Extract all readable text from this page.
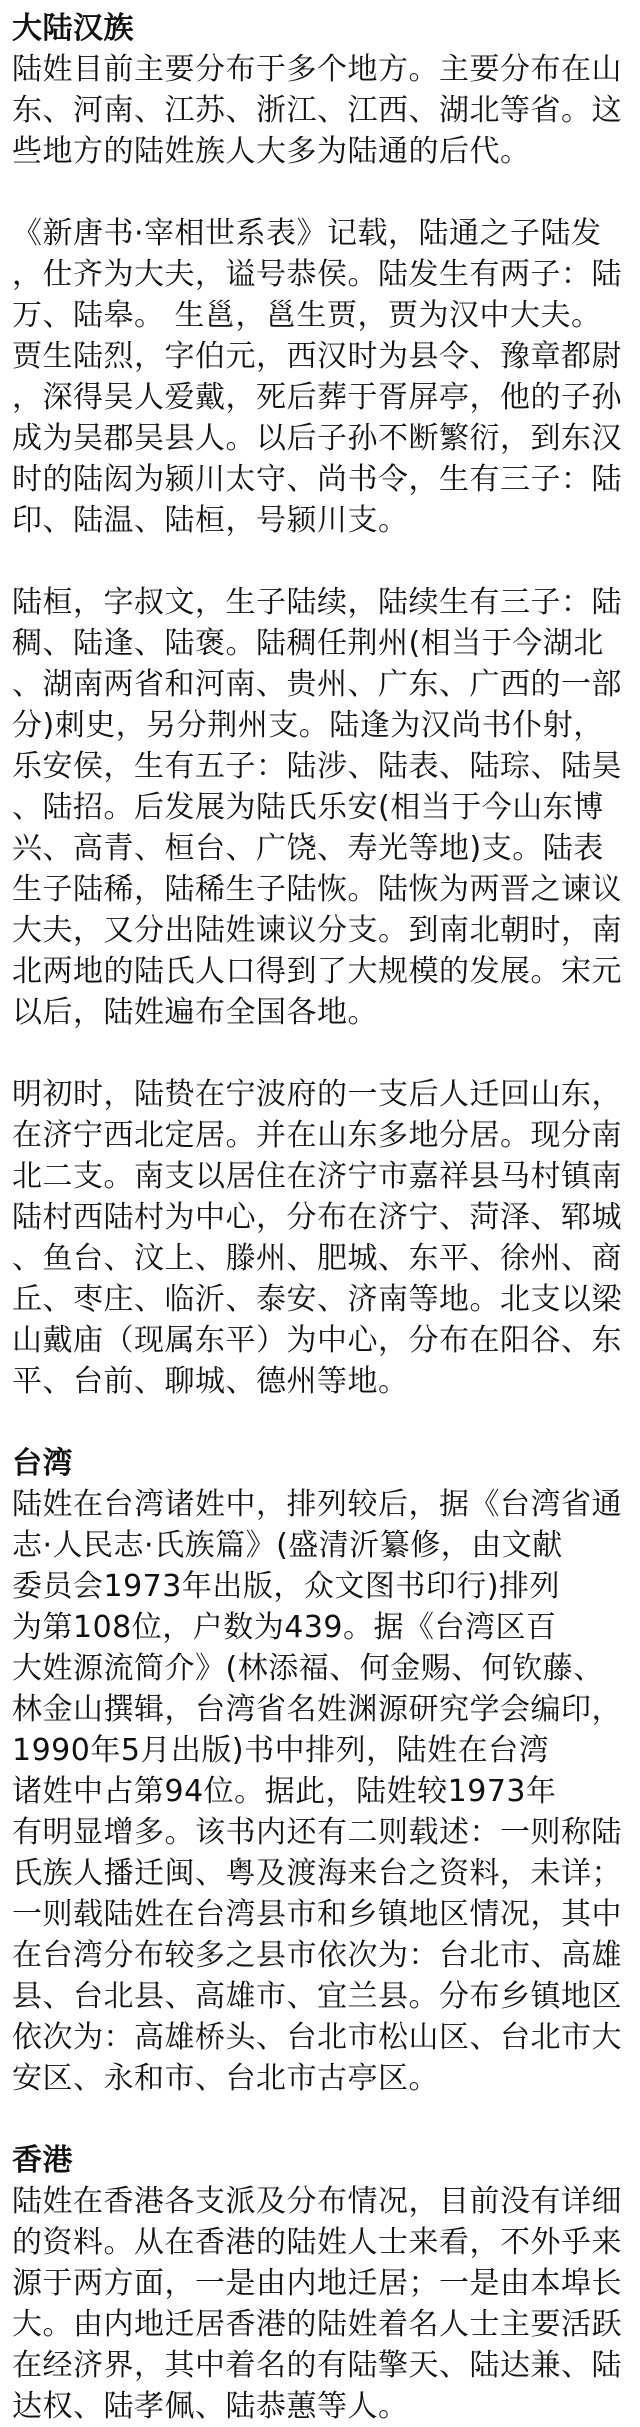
大陆汉族
陆姓目前主要分布于多个地方。主要分布在山
东、河南、江苏、浙江、江西、湖北等省。这
些地方的陆姓族人大多为陆通的后代。
《新唐书·宰相世系表》记载，陆通之子陆发
，仕齐为大夫，谥号恭侯。陆发生有两子：陆
万、陆皋。 生邕，邕生贾，贾为汉中大夫。
贾生陆烈，字伯元，西汉时为县令、豫章都尉
，深得吴人爱戴，死后葬于胥屏亭，他的子孙
成为吴郡吴县人。以后子孙不断繁衍，到东汉
时的陆闳为颍川太守、尚书令，生有三子：陆
印、陆温、陆桓，号颍川支。
陆桓，字叔文，生子陆续，陆续生有三子：陆
稠、陆逢、陆褒。陆稠任荆州(相当于今湖北
、湖南两省和河南、贵州、广东、广西的一部
分)刺史，另分荆州支。陆逢为汉尚书仆射，
乐安侯，生有五子：陆涉、陆表、陆琮、陆昊
、陆招。后发展为陆氏乐安(相当于今山东博
兴、高青、桓台、广饶、寿光等地)支。陆表
生子陆稀，陆稀生子陆恢。陆恢为两晋之谏议
大夫，又分出陆姓谏议分支。到南北朝时，南
北两地的陆氏人口得到了大规模的发展。宋元
以后，陆姓遍布全国各地。
明初时，陆贽在宁波府的一支后人迁回山东，
在济宁西北定居。并在山东多地分居。现分南
北二支。南支以居住在济宁市嘉祥县马村镇南
陆村西陆村为中心，分布在济宁、菏泽、郓城
、鱼台、汶上、滕州、肥城、东平、徐州、商
丘、枣庄、临沂、泰安、济南等地。北支以梁
山戴庙（现属东平）为中心，分布在阳谷、东
平、台前、聊城、德州等地。
台湾
陆姓在台湾诸姓中，排列较后，据《台湾省通
志·人民志·氏族篇》(盛清沂纂修，由文献
委员会1973年出版，众文图书印行)排列
为第108位，户数为439。据《台湾区百
大姓源流简介》(林添福、何金赐、何钦藤、
林金山撰辑，台湾省名姓渊源研究学会编印，
1990年5月出版)书中排列，陆姓在台湾
诸姓中占第94位。据此，陆姓较1973年
有明显增多。该书内还有二则载述：一则称陆
氏族人播迁闽、粤及渡海来台之资料，未详；
一则载陆姓在台湾县市和乡镇地区情况，其中
在台湾分布较多之县市依次为：台北市、高雄
县、台北县、高雄市、宜兰县。分布乡镇地区
依次为：高雄桥头、台北市松山区、台北市大
安区、永和市、台北市古亭区。
香港
陆姓在香港各支派及分布情况，目前没有详细
的资料。从在香港的陆姓人士来看，不外乎来
源于两方面，一是由内地迁居；一是由本埠长
大。由内地迁居香港的陆姓着名人士主要活跃
在经济界，其中着名的有陆擎天、陆达兼、陆
达权、陆孝佩、陆恭蕙等人。
